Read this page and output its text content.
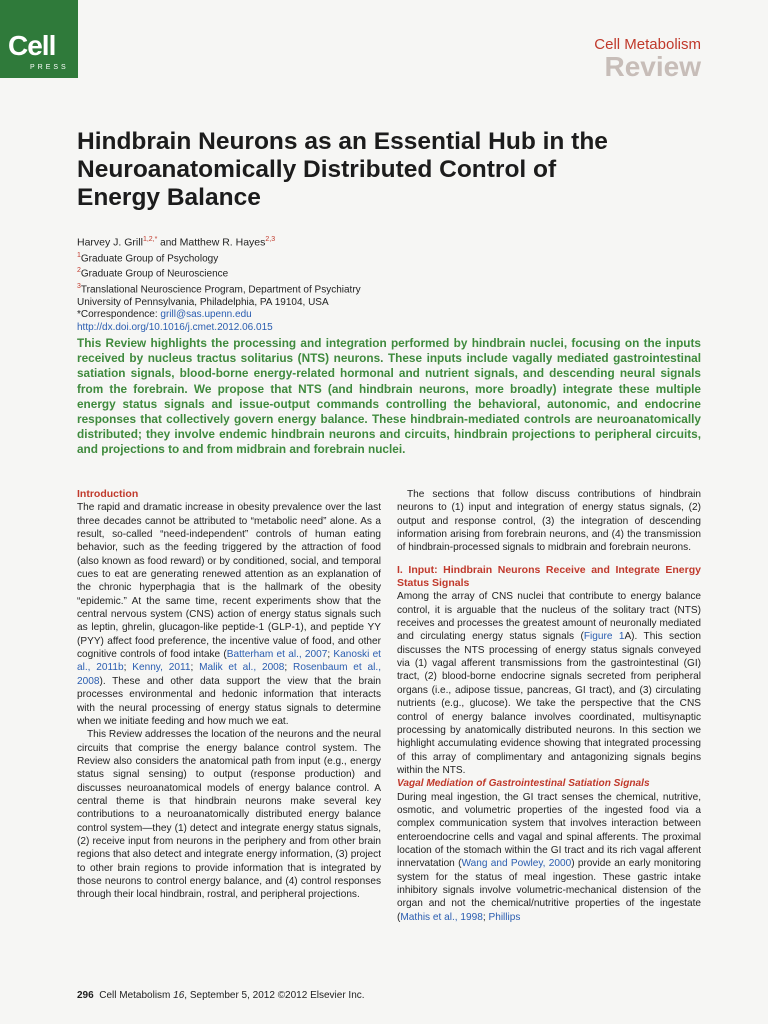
Cell
PRESS
Cell Metabolism
Review
Hindbrain Neurons as an Essential Hub in the Neuroanatomically Distributed Control of Energy Balance
Harvey J. Grill$^{1,2,*}$ and Matthew R. Hayes$^{2,3}$
$^1$Graduate Group of Psychology
$^2$Graduate Group of Neuroscience
$^3$Translational Neuroscience Program, Department of Psychiatry
University of Pennsylvania, Philadelphia, PA 19104, USA
*Correspondence: grill@sas.upenn.edu
http://dx.doi.org/10.1016/j.cmet.2012.06.015

This Review highlights the processing and integration performed by hindbrain nuclei, focusing on the inputs received by nucleus tractus solitarius (NTS) neurons. These inputs include vagally mediated gastrointestinal satiation signals, blood-borne energy-related hormonal and nutrient signals, and descending neural signals from the forebrain. We propose that NTS (and hindbrain neurons, more broadly) integrate these multiple energy status signals and issue-output commands controlling the behavioral, autonomic, and endocrine responses that collectively govern energy balance. These hindbrain-mediated controls are neuroanatomically distributed; they involve endemic hindbrain neurons and circuits, hindbrain projections to peripheral circuits, and projections to and from midbrain and forebrain nuclei.

Introduction

The rapid and dramatic increase in obesity prevalence over the last three decades cannot be attributed to “metabolic need” alone. As a result, so-called “need-independent” controls of human eating behavior, such as the feeding triggered by the attraction of food (also known as food reward) or by conditioned, social, and temporal cues to eat are generating renewed attention as an explanation of the chronic hyperphagia that is the hallmark of the obesity “epidemic.” At the same time, recent experiments show that the central nervous system (CNS) action of energy status signals such as leptin, ghrelin, glucagon-like peptide-1 (GLP-1), and peptide YY (PYY) affect food preference, the incentive value of food, and other cognitive controls of food intake (Batterham et al., 2007; Kanoski et al., 2011b; Kenny, 2011; Malik et al., 2008; Rosenbaum et al., 2008). These and other data support the view that the brain processes environmental and hedonic information that interacts with the neural processing of energy status signals to determine when we initiate feeding and how much we eat.

This Review addresses the location of the neurons and the neural circuits that comprise the energy balance control system. The Review also considers the anatomical path from input (e.g., energy status signal sensing) to output (response production) and discusses neuroanatomical models of energy balance control. A central theme is that hindbrain neurons make several key contributions to a neuroanatomically distributed energy balance control system—they (1) detect and integrate energy status signals, (2) receive input from neurons in the periphery and from other brain regions that also detect and integrate energy information, (3) project to other brain regions to provide information that is integrated by those neurons to control energy balance, and (4) control responses through their local hindbrain, rostral, and peripheral projections.

The sections that follow discuss contributions of hindbrain neurons to (1) input and integration of energy status signals, (2) output and response control, (3) the integration of descending information arising from forebrain neurons, and (4) the transmission of hindbrain-processed signals to midbrain and forebrain neurons.

I. Input: Hindbrain Neurons Receive and Integrate Energy Status Signals

Among the array of CNS nuclei that contribute to energy balance control, it is arguable that the nucleus of the solitary tract (NTS) receives and processes the greatest amount of neuronally mediated and circulating energy status signals (Figure 1A). This section discusses the NTS processing of energy status signals conveyed via (1) vagal afferent transmissions from the gastrointestinal (GI) tract, (2) blood-borne endocrine signals secreted from peripheral organs (i.e., adipose tissue, pancreas, GI tract), and (3) circulating nutrients (e.g., glucose). We take the perspective that the CNS control of energy balance involves coordinated, multisynaptic processing by anatomically distributed neurons. In this section we highlight accumulating evidence showing that integrated processing of this array of complimentary and antagonizing signals begins within the NTS.

Vagal Mediation of Gastrointestinal Satiation Signals

During meal ingestion, the GI tract senses the chemical, nutritive, osmotic, and volumetric properties of the ingested food via a complex communication system that involves interaction between enteroendocrine cells and vagal and spinal afferents. The proximal location of the stomach within the GI tract and its rich vagal afferent innervatation (Wang and Powley, 2000) provide an early monitoring system for the status of meal ingestion. These gastric intake inhibitory signals involve volumetric-mechanical distension of the organ and not the chemical/nutritive properties of the ingestate (Mathis et al., 1998; Phillips

296 Cell Metabolism 16, September 5, 2012 ©2012 Elsevier Inc.
